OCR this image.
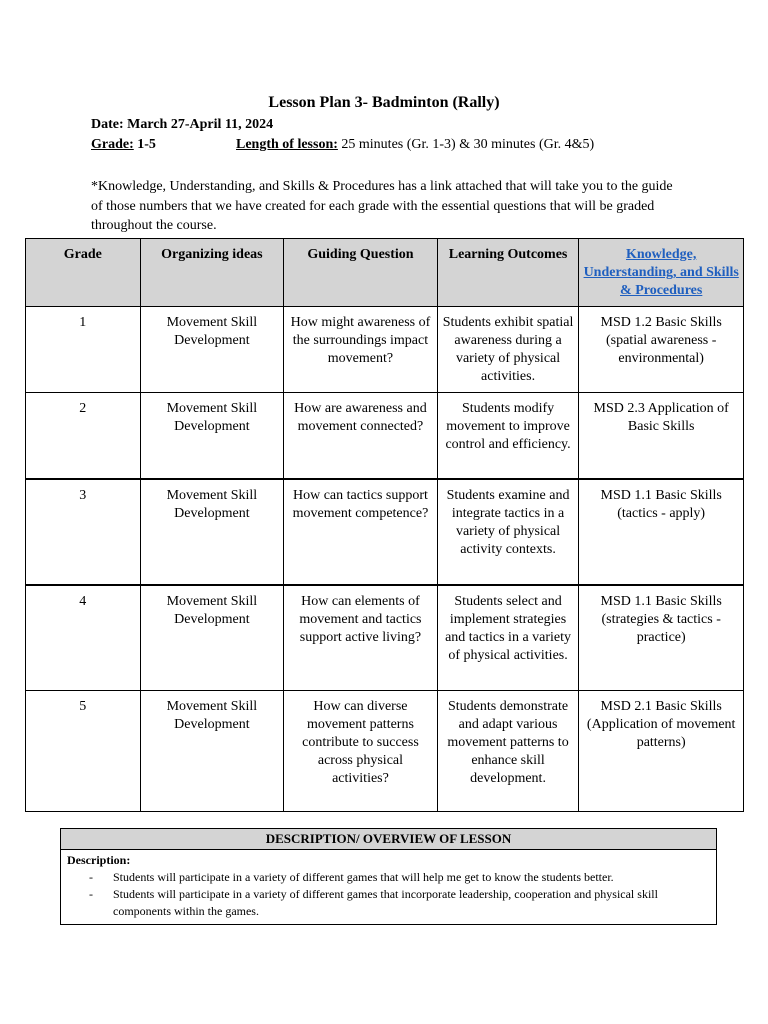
Lesson Plan 3- Badminton (Rally)
Date: March 27-April 11, 2024
Grade: 1-5	Length of lesson: 25 minutes (Gr. 1-3) & 30 minutes (Gr. 4&5)
*Knowledge, Understanding, and Skills & Procedures has a link attached that will take you to the guide of those numbers that we have created for each grade with the essential questions that will be graded throughout the course.
Grade	Organizing ideas	Guiding Question	Learning Outcomes	Knowledge, Understanding, and Skills & Procedures
1	Movement Skill Development	How might awareness of the surroundings impact movement?	Students exhibit spatial awareness during a variety of physical activities.	MSD 1.2 Basic Skills (spatial awareness - environmental)
2	Movement Skill Development	How are awareness and movement connected?	Students modify movement to improve control and efficiency.	MSD 2.3 Application of Basic Skills
3	Movement Skill Development	How can tactics support movement competence?	Students examine and integrate tactics in a variety of physical activity contexts.	MSD 1.1 Basic Skills (tactics - apply)
4	Movement Skill Development	How can elements of movement and tactics support active living?	Students select and implement strategies and tactics in a variety of physical activities.	MSD 1.1 Basic Skills (strategies & tactics - practice)
5	Movement Skill Development	How can diverse movement patterns contribute to success across physical activities?	Students demonstrate and adapt various movement patterns to enhance skill development.	MSD 2.1 Basic Skills (Application of movement patterns)
DESCRIPTION/ OVERVIEW OF LESSON
Description:
- Students will participate in a variety of different games that will help me get to know the students better.
- Students will participate in a variety of different games that incorporate leadership, cooperation and physical skill components within the games.
